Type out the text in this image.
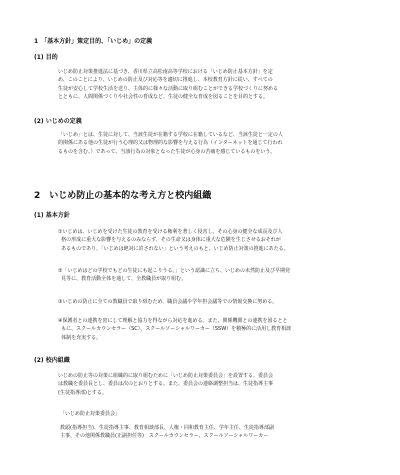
1　「基本方針」策定目的、「いじめ」の定義
(1) 目的
いじめ防止対策推進法に基づき、香川県立高松南高等学校における「いじめ防止基本方針」を定
め、このことにより、いじめの防止及び対応等を適切に推進し、本校教育方針に従い、すべての
生徒が安心して学校生活を送り、主体的に様々な活動に取り組むことができる学校づくりに努める
とともに、人間関係づくりや社会性の育成など、生徒の健全な育成を図ることを目的とする。
(2) いじめの定義
「いじめ」とは、生徒に対して、当該生徒が在籍する学校に在籍しているなど、当該生徒と一定の人
的関係にある他の生徒が行う心理的又は物理的な影響を与える行為（インターネットを通じて行われ
るものを含む。）であって、当該行為の対象となった生徒が心身の苦痛を感じているものをいう。
2　いじめ防止の基本的な考え方と校内組織
(1) 基本方針
①いじめは、いじめを受けた生徒の教育を受ける権利を著しく侵害し、その心身の健全な成長及び人
格の形成に重大な影響を与えるのみならず、その生命又は身体に重大な危険を生じさせるおそれが
あるものであり、「いじめは絶対に許されない」という考えのもと、いじめ防止対策の推進にあたる。
②「いじめはどの学校でもどの生徒にも起こりうる。」という認識に立ち、いじめの未然防止及び早期発
見等に、教育活動全体を通して、全教職員が取り組む。
③いじめの防止に全ての教職員で取り組むため、職員会議や学年担会議等での情報交換に努める。
④保護者との連携を密にして理解と協力を得ながら対応を進める。また、関係機関との連携を図るとと
もに、スクールカウンセラー（SC）、スクールソーシャルワーカー（SSW）を積極的に活用し教育相談
体制を充実する。
(2) 校内組織
いじめの防止等の対策に組織的に取り組むために「いじめ防止対策委員会」を設置する。委員会
は教職を委員長とし、委員は次のとおりとする。また、委員会の連絡調整担当は、生徒指導主事
(生徒指導部)とする。
「いじめ防止対策委員会」
教頭(指導担当)、生徒指導主事、教育相談部長、人権・同和教育主任、学年主任、生徒指導部副
主事、その他関係教職員(正副担任等)　スクールカウンセラー、スクールソーシャルワーカー
